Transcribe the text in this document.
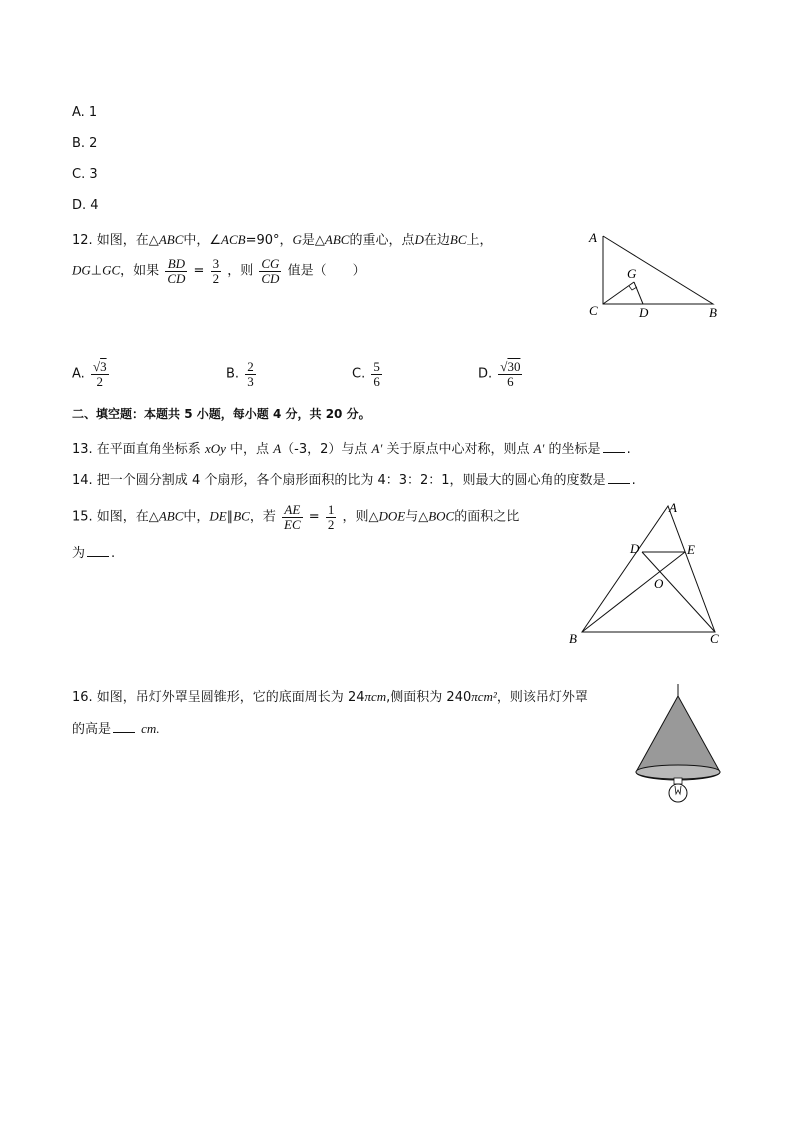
A. 1
B. 2
C. 3
D. 4
12. 如图，在△ABC中，∠ACB=90°，G是△ABC的重心，点D在边BC上，
DG⊥GC，如果 $\frac{BD}{CD} = \frac{3}{2}$ ，则 $\frac{CG}{CD}$ 值是（　　）
A
G
C	D	B
A. $\frac{√3}{2}$	B. $\frac{2}{3}$	C. $\frac{5}{6}$	D. $\frac{√30}{6}$
二、填空题：本题共 5 小题，每小题 4 分，共 20 分。
13. 在平面直角坐标系 xOy 中，点 A（-3，2）与点 A′ 关于原点中心对称，则点 A′ 的坐标是 .
14. 把一个圆分割成 4 个扇形，各个扇形面积的比为 4：3：2：1，则最大的圆心角的度数是 .
15. 如图，在△ABC中，DE∥BC，若 $\frac{AE}{EC} = \frac{1}{2}$ ，则△DOE与△BOC的面积之比
为 .
A
D	E
O
B	C
16. 如图，吊灯外罩呈圆锥形，它的底面周长为 24πcm,侧面积为 240πcm²，则该吊灯外罩
的高是 cm.
